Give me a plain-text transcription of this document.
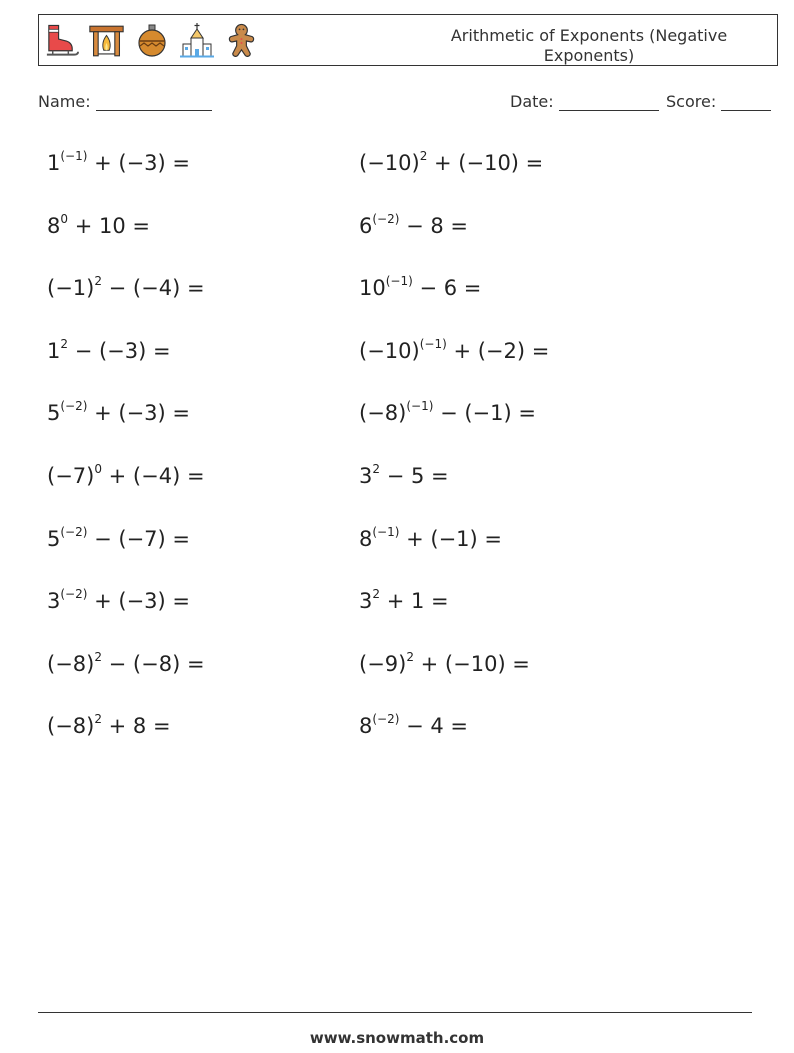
Arithmetic of Exponents (Negative Exponents)
Name:	Date:	Score:
$1^{(-1)} + (-3)$ =	$(-10)^2 + (-10)$ =
$8^0 + 10$ =	$6^{(-2)} - 8$ =
$(-1)^2 - (-4)$ =	$10^{(-1)} - 6$ =
$1^2 - (-3)$ =	$(-10)^{(-1)} + (-2)$ =
$5^{(-2)} + (-3)$ =	$(-8)^{(-1)} - (-1)$ =
$(-7)^0 + (-4)$ =	$3^2 - 5$ =
$5^{(-2)} - (-7)$ =	$8^{(-1)} + (-1)$ =
$3^{(-2)} + (-3)$ =	$3^2 + 1$ =
$(-8)^2 - (-8)$ =	$(-9)^2 + (-10)$ =
$(-8)^2 + 8$ =	$8^{(-2)} - 4$ =
www.snowmath.com
